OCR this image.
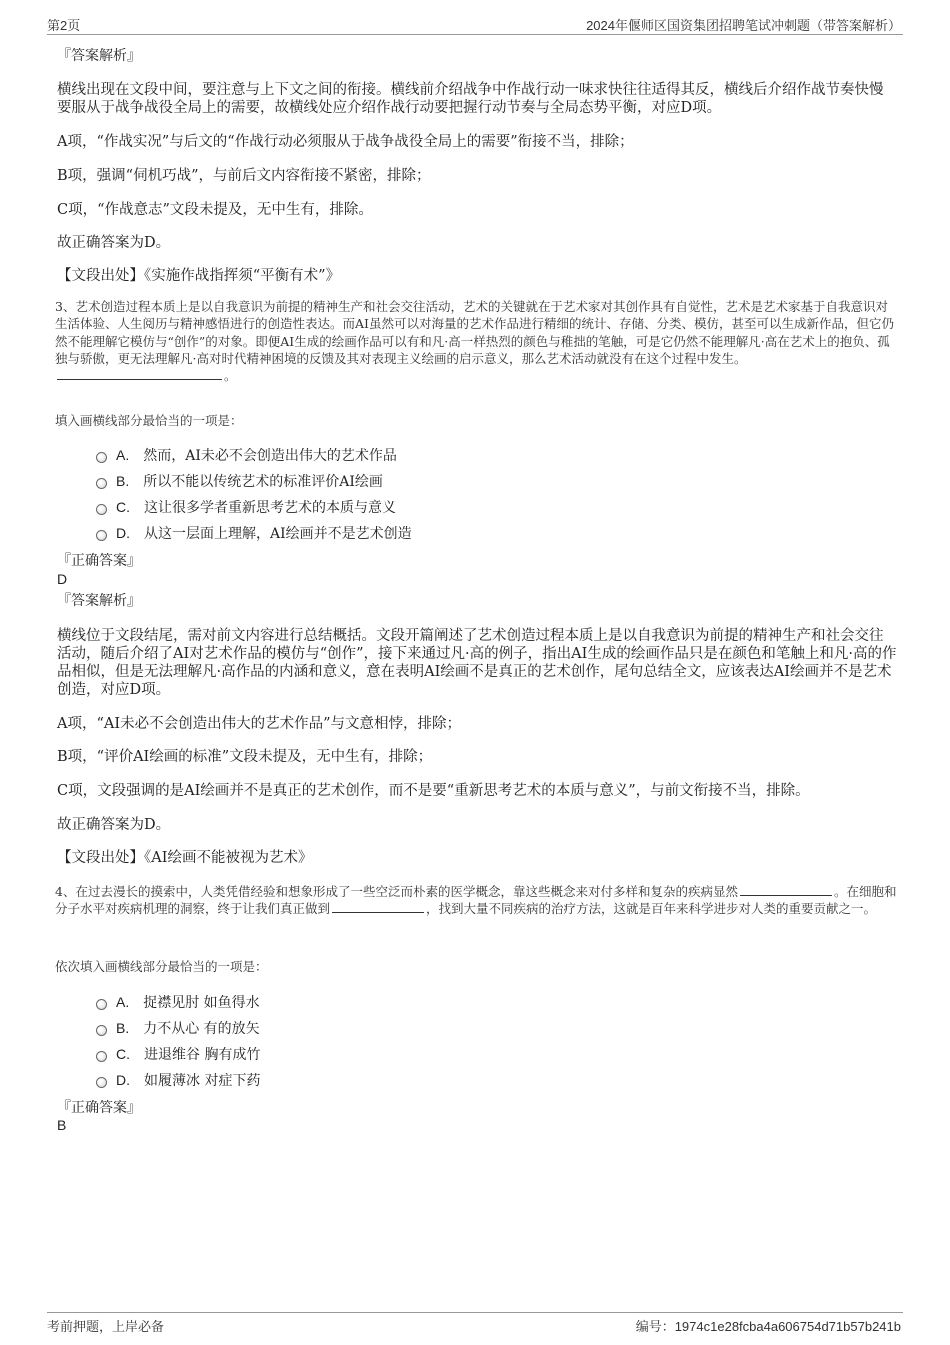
第2页	2024年偃师区国资集团招聘笔试冲刺题（带答案解析）
『答案解析』
横线出现在文段中间，要注意与上下文之间的衔接。横线前介绍战争中作战行动一味求快往往适得其反，横线后介绍作战节奏快慢要服从于战争战役全局上的需要，故横线处应介绍作战行动要把握行动节奏与全局态势平衡，对应D项。
A项，“作战实况”与后文的“作战行动必须服从于战争战役全局上的需要”衔接不当，排除；
B项，强调“伺机巧战”，与前后文内容衔接不紧密，排除；
C项，“作战意志”文段未提及，无中生有，排除。
故正确答案为D。
【文段出处】《实施作战指挥须“平衡有术”》
3、艺术创造过程本质上是以自我意识为前提的精神生产和社会交往活动，艺术的关键就在于艺术家对其创作具有自觉性，艺术是艺术家基于自我意识对生活体验、人生阅历与精神感悟进行的创造性表达。而AI虽然可以对海量的艺术作品进行精细的统计、存储、分类、模仿，甚至可以生成新作品，但它仍然不能理解它模仿与“创作”的对象。即便AI生成的绘画作品可以有和凡·高一样热烈的颜色与稚拙的笔触，可是它仍然不能理解凡·高在艺术上的抱负、孤独与骄傲，更无法理解凡·高对时代精神困境的反馈及其对表现主义绘画的启示意义，那么艺术活动就没有在这个过程中发生。。
填入画横线部分最恰当的一项是：
A. 然而，AI未必不会创造出伟大的艺术作品
B. 所以不能以传统艺术的标准评价AI绘画
C. 这让很多学者重新思考艺术的本质与意义
D. 从这一层面上理解，AI绘画并不是艺术创造
『正确答案』
D
『答案解析』
横线位于文段结尾，需对前文内容进行总结概括。文段开篇阐述了艺术创造过程本质上是以自我意识为前提的精神生产和社会交往活动，随后介绍了AI对艺术作品的模仿与“创作”，接下来通过凡·高的例子，指出AI生成的绘画作品只是在颜色和笔触上和凡·高的作品相似，但是无法理解凡·高作品的内涵和意义，意在表明AI绘画不是真正的艺术创作，尾句总结全文，应该表达AI绘画并不是艺术创造，对应D项。
A项，“AI未必不会创造出伟大的艺术作品”与文意相悖，排除；
B项，“评价AI绘画的标准”文段未提及，无中生有，排除；
C项，文段强调的是AI绘画并不是真正的艺术创作，而不是要“重新思考艺术的本质与意义”，与前文衔接不当，排除。
故正确答案为D。
【文段出处】《AI绘画不能被视为艺术》
4、在过去漫长的摸索中，人类凭借经验和想象形成了一些空泛而朴素的医学概念，靠这些概念来对付多样和复杂的疾病显然	。在细胞和分子水平对疾病机理的洞察，终于让我们真正做到	，找到大量不同疾病的治疗方法，这就是百年来科学进步对人类的重要贡献之一。
依次填入画横线部分最恰当的一项是：
A. 捉襟见肘 如鱼得水
B. 力不从心 有的放矢
C. 进退维谷 胸有成竹
D. 如履薄冰 对症下药
『正确答案』
B
考前押题，上岸必备	编号：1974c1e28fcba4a606754d71b57b241b
